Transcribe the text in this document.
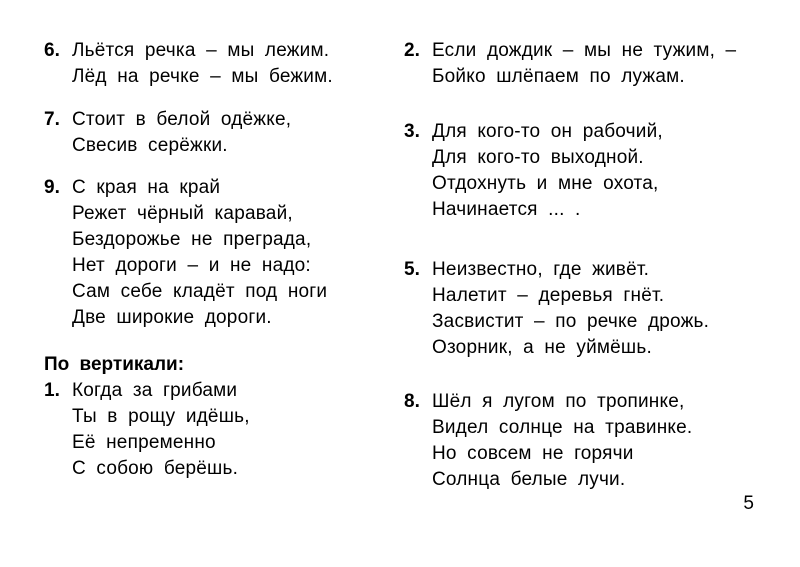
6. Льётся речка – мы лежим.
Лёд на речке – мы бежим.
7. Стоит в белой одёжке,
Свесив серёжки.
9. С края на край
Режет чёрный каравай,
Бездорожье не преграда,
Нет дороги – и не надо:
Сам себе кладёт под ноги
Две широкие дороги.

По вертикали:

1. Когда за грибами
Ты в рощу идёшь,
Её непременно
С собою берёшь.
2. Если дождик – мы не тужим, –
Бойко шлёпаем по лужам.
3. Для кого-то он рабочий,
Для кого-то выходной.
Отдохнуть и мне охота,
Начинается ... .
5. Неизвестно, где живёт.
Налетит – деревья гнёт.
Засвистит – по речке дрожь.
Озорник, а не уймёшь.
8. Шёл я лугом по тропинке,
Видел солнце на травинке.
Но совсем не горячи
Солнца белые лучи.
5
